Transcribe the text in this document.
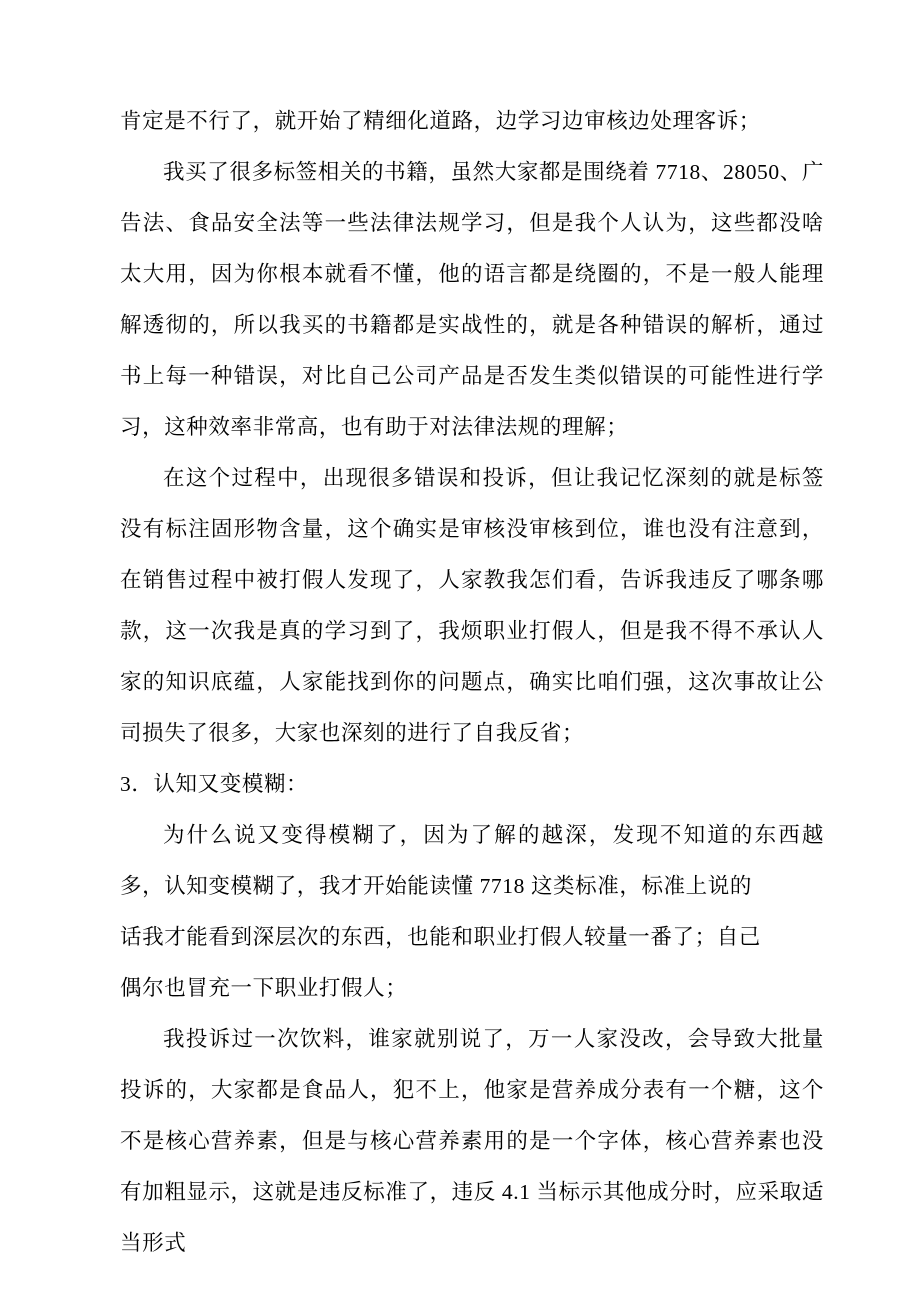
肯定是不行了，就开始了精细化道路，边学习边审核边处理客诉；

我买了很多标签相关的书籍，虽然大家都是围绕着 7718、28050、广告法、食品安全法等一些法律法规学习，但是我个人认为，这些都没啥太大用，因为你根本就看不懂，他的语言都是绕圈的，不是一般人能理解透彻的，所以我买的书籍都是实战性的，就是各种错误的解析，通过书上每一种错误，对比自己公司产品是否发生类似错误的可能性进行学习，这种效率非常高，也有助于对法律法规的理解；

在这个过程中，出现很多错误和投诉，但让我记忆深刻的就是标签没有标注固形物含量，这个确实是审核没审核到位，谁也没有注意到，在销售过程中被打假人发现了，人家教我怎们看，告诉我违反了哪条哪款，这一次我是真的学习到了，我烦职业打假人，但是我不得不承认人家的知识底蕴，人家能找到你的问题点，确实比咱们强，这次事故让公司损失了很多，大家也深刻的进行了自我反省；

3．认知又变模糊：

为什么说又变得模糊了，因为了解的越深，发现不知道的东西越多，认知变模糊了，我才开始能读懂 7718 这类标准，标准上说的

话我才能看到深层次的东西，也能和职业打假人较量一番了；自己

偶尔也冒充一下职业打假人；

我投诉过一次饮料，谁家就别说了，万一人家没改，会导致大批量投诉的，大家都是食品人，犯不上，他家是营养成分表有一个糖，这个不是核心营养素，但是与核心营养素用的是一个字体，核心营养素也没有加粗显示，这就是违反标准了，违反 4.1 当标示其他成分时，应采取适当形式
